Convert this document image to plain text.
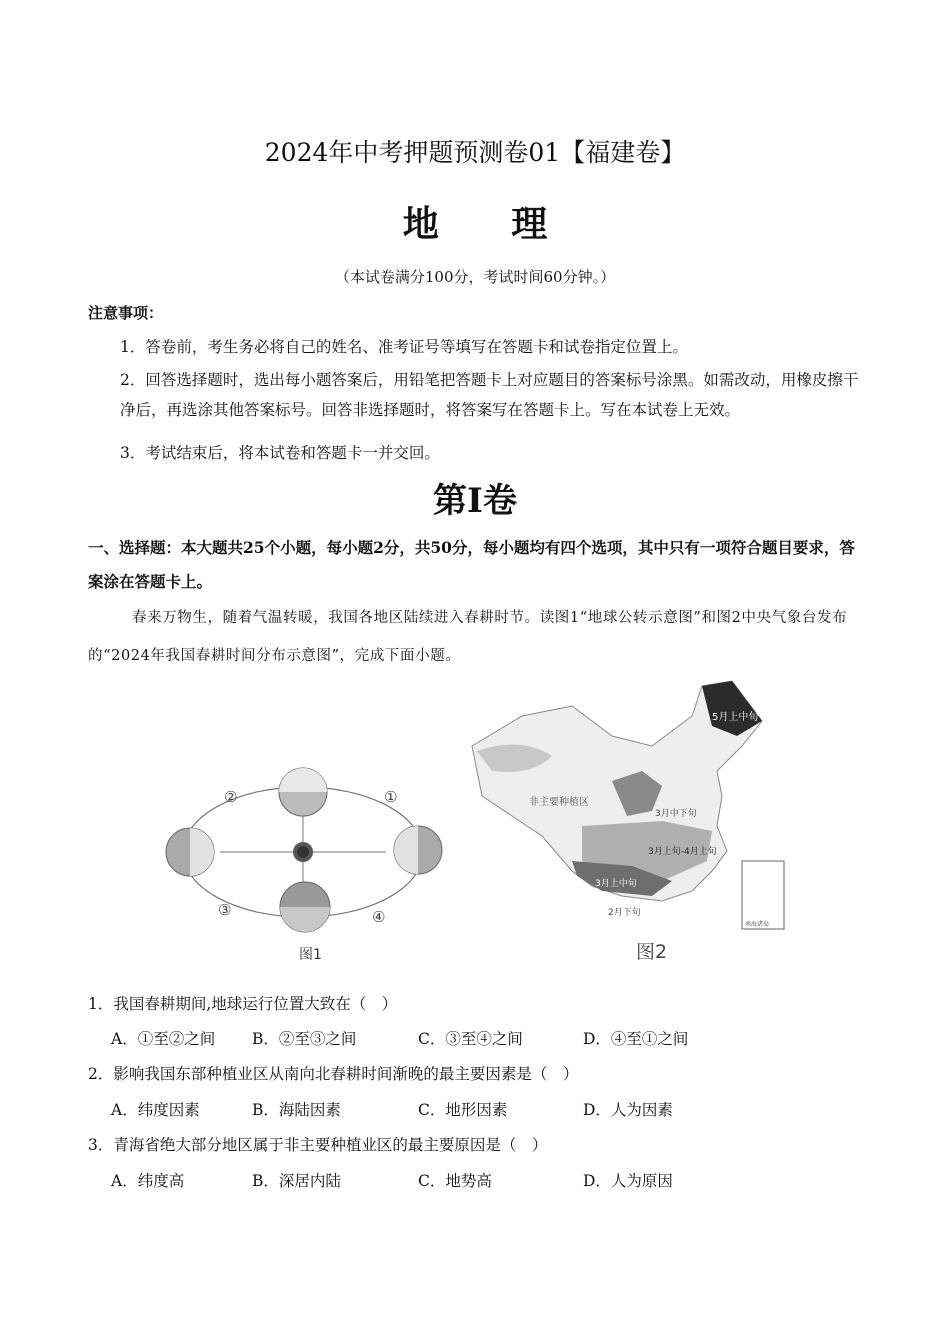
2024年中考押题预测卷01【福建卷】
地 理
（本试卷满分100分，考试时间60分钟。）
注意事项：
1．答卷前，考生务必将自己的姓名、准考证号等填写在答题卡和试卷指定位置上。
2．回答选择题时，选出每小题答案后，用铅笔把答题卡上对应题目的答案标号涂黑。如需改动，用橡皮擦干净后，再选涂其他答案标号。回答非选择题时，将答案写在答题卡上。写在本试卷上无效。
3．考试结束后，将本试卷和答题卡一并交回。
第Ⅰ卷
一、选择题：本大题共25个小题，每小题2分，共50分，每小题均有四个选项，其中只有一项符合题目要求，答案涂在答题卡上。
春来万物生，随着气温转暖，我国各地区陆续进入春耕时节。读图1“地球公转示意图”和图2中央气象台发布的“2024年我国春耕时间分布示意图”，完成下面小题。
①
②
③	④
图1
5月上中旬
非主要种植区
3月中下旬
3月上旬-4月上旬
3月上中旬
2月下旬
南海诸岛
图2
1．我国春耕期间,地球运行位置大致在（　）
A．①至②之间 B．②至③之间	C．③至④之间	D．④至①之间
2．影响我国东部种植业区从南向北春耕时间渐晚的最主要因素是（　）
A．纬度因素	B．海陆因素	C．地形因素	D．人为因素
3．青海省绝大部分地区属于非主要种植业区的最主要原因是（　）
A．纬度高	B．深居内陆	C．地势高	D．人为原因
